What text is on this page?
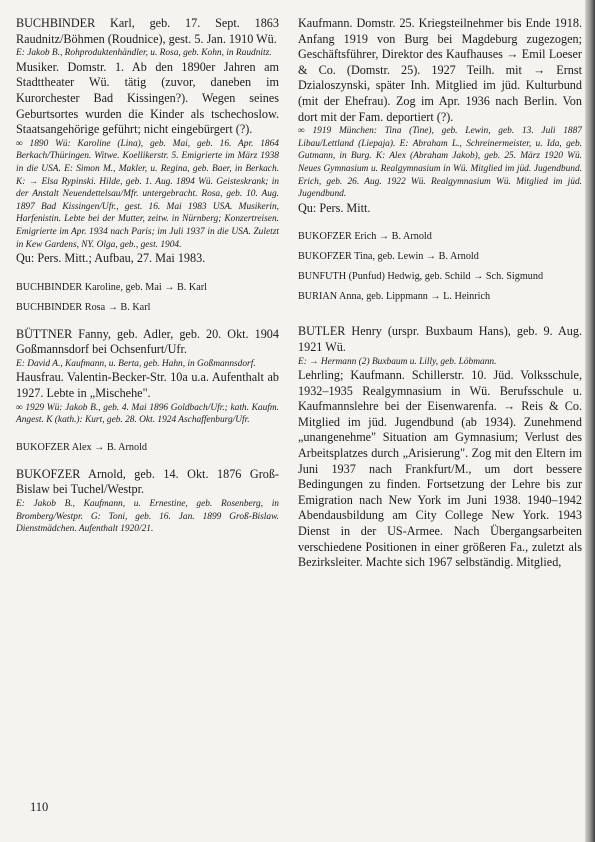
BUCHBINDER Karl, geb. 17. Sept. 1863 Raudnitz/Böhmen (Roudnice), gest. 5. Jan. 1910 Wü.

E: Jakob B., Rohproduktenhändler, u. Rosa, geb. Kohn, in Raudnitz.

Musiker. Domstr. 1. Ab den 1890er Jahren am Stadttheater Wü. tätig (zuvor, daneben im Kurorchester Bad Kissingen?). Wegen seines Geburtsortes wurden die Kinder als tschechoslow. Staatsangehörige geführt; nicht eingebürgert (?).

∞ 1890 Wü: Karoline (Lina), geb. Mai, geb. 16. Apr. 1864 Berkach/Thüringen. Witwe. Koellikerstr. 5. Emigrierte im März 1938 in die USA. E: Simon M., Makler, u. Regina, geb. Baer, in Berkach. K: → Elsa Rypinski. Hilde, geb. 1. Aug. 1894 Wü. Geisteskrank; in der Anstalt Neuendettelsau/Mfr. untergebracht. Rosa, geb. 10. Aug. 1897 Bad Kissingen/Ufr., gest. 16. Mai 1983 USA. Musikerin, Harfenistin. Lebte bei der Mutter, zeitw. in Nürnberg; Konzertreisen. Emigrierte im Apr. 1934 nach Paris; im Juli 1937 in die USA. Zuletzt in Kew Gardens, NY. Olga, geb., gest. 1904.

Qu: Pers. Mitt.; Aufbau, 27. Mai 1983.

BUCHBINDER Karoline, geb. Mai → B. Karl

BUCHBINDER Rosa → B. Karl

BÜTTNER Fanny, geb. Adler, geb. 20. Okt. 1904 Goßmannsdorf bei Ochsenfurt/Ufr.

E: David A., Kaufmann, u. Berta, geb. Hahn, in Goßmannsdorf.

Hausfrau. Valentin-Becker-Str. 10a u.a. Aufenthalt ab 1927. Lebte in „Mischehe".

∞ 1929 Wü: Jakob B., geb. 4. Mai 1896 Goldbach/Ufr.; kath. Kaufm. Angest. K (kath.): Kurt, geb. 28. Okt. 1924 Aschaffenburg/Ufr.

BUKOFZER Alex → B. Arnold

BUKOFZER Arnold, geb. 14. Okt. 1876 Groß-Bislaw bei Tuchel/Westpr.

E: Jakob B., Kaufmann, u. Ernestine, geb. Rosenberg, in Bromberg/Westpr. G: Toni, geb. 16. Jan. 1899 Groß-Bislaw. Dienstmädchen. Aufenthalt 1920/21.

Kaufmann. Domstr. 25. Kriegsteilnehmer bis Ende 1918. Anfang 1919 von Burg bei Magdeburg zugezogen; Geschäftsführer, Direktor des Kaufhauses → Emil Loeser & Co. (Domstr. 25). 1927 Teilh. mit → Ernst Dzialoszynski, später Inh. Mitglied im jüd. Kulturbund (mit der Ehefrau). Zog im Apr. 1936 nach Berlin. Von dort mit der Fam. deportiert (?).

∞ 1919 München: Tina (Tine), geb. Lewin, geb. 13. Juli 1887 Libau/Lettland (Liepaja). E: Abraham L., Schreinermeister, u. Ida, geb. Gutmann, in Burg. K: Alex (Abraham Jakob), geb. 25. März 1920 Wü. Neues Gymnasium u. Realgymnasium in Wü. Mitglied im jüd. Jugendbund. Erich, geb. 26. Aug. 1922 Wü. Realgymnasium Wü. Mitglied im jüd. Jugendbund.

Qu: Pers. Mitt.

BUKOFZER Erich → B. Arnold

BUKOFZER Tina, geb. Lewin → B. Arnold

BUNFUTH (Punfud) Hedwig, geb. Schild → Sch. Sigmund

BURIAN Anna, geb. Lippmann → L. Heinrich

BUTLER Henry (urspr. Buxbaum Hans), geb. 9. Aug. 1921 Wü.

E: → Hermann (2) Buxbaum u. Lilly, geb. Löbmann.

Lehrling; Kaufmann. Schillerstr. 10. Jüd. Volksschule, 1932–1935 Realgymnasium in Wü. Berufsschule u. Kaufmannslehre bei der Eisenwarenfa. → Reis & Co. Mitglied im jüd. Jugendbund (ab 1934). Zunehmend „unangenehme" Situation am Gymnasium; Verlust des Arbeitsplatzes durch „Arisierung". Zog mit den Eltern im Juni 1937 nach Frankfurt/M., um dort bessere Bedingungen zu finden. Fortsetzung der Lehre bis zur Emigration nach New York im Juni 1938. 1940–1942 Abendausbildung am City College New York. 1943 Dienst in der US-Armee. Nach Übergangsarbeiten verschiedene Positionen in einer größeren Fa., zuletzt als Bezirksleiter. Machte sich 1967 selbständig. Mitglied,

110
